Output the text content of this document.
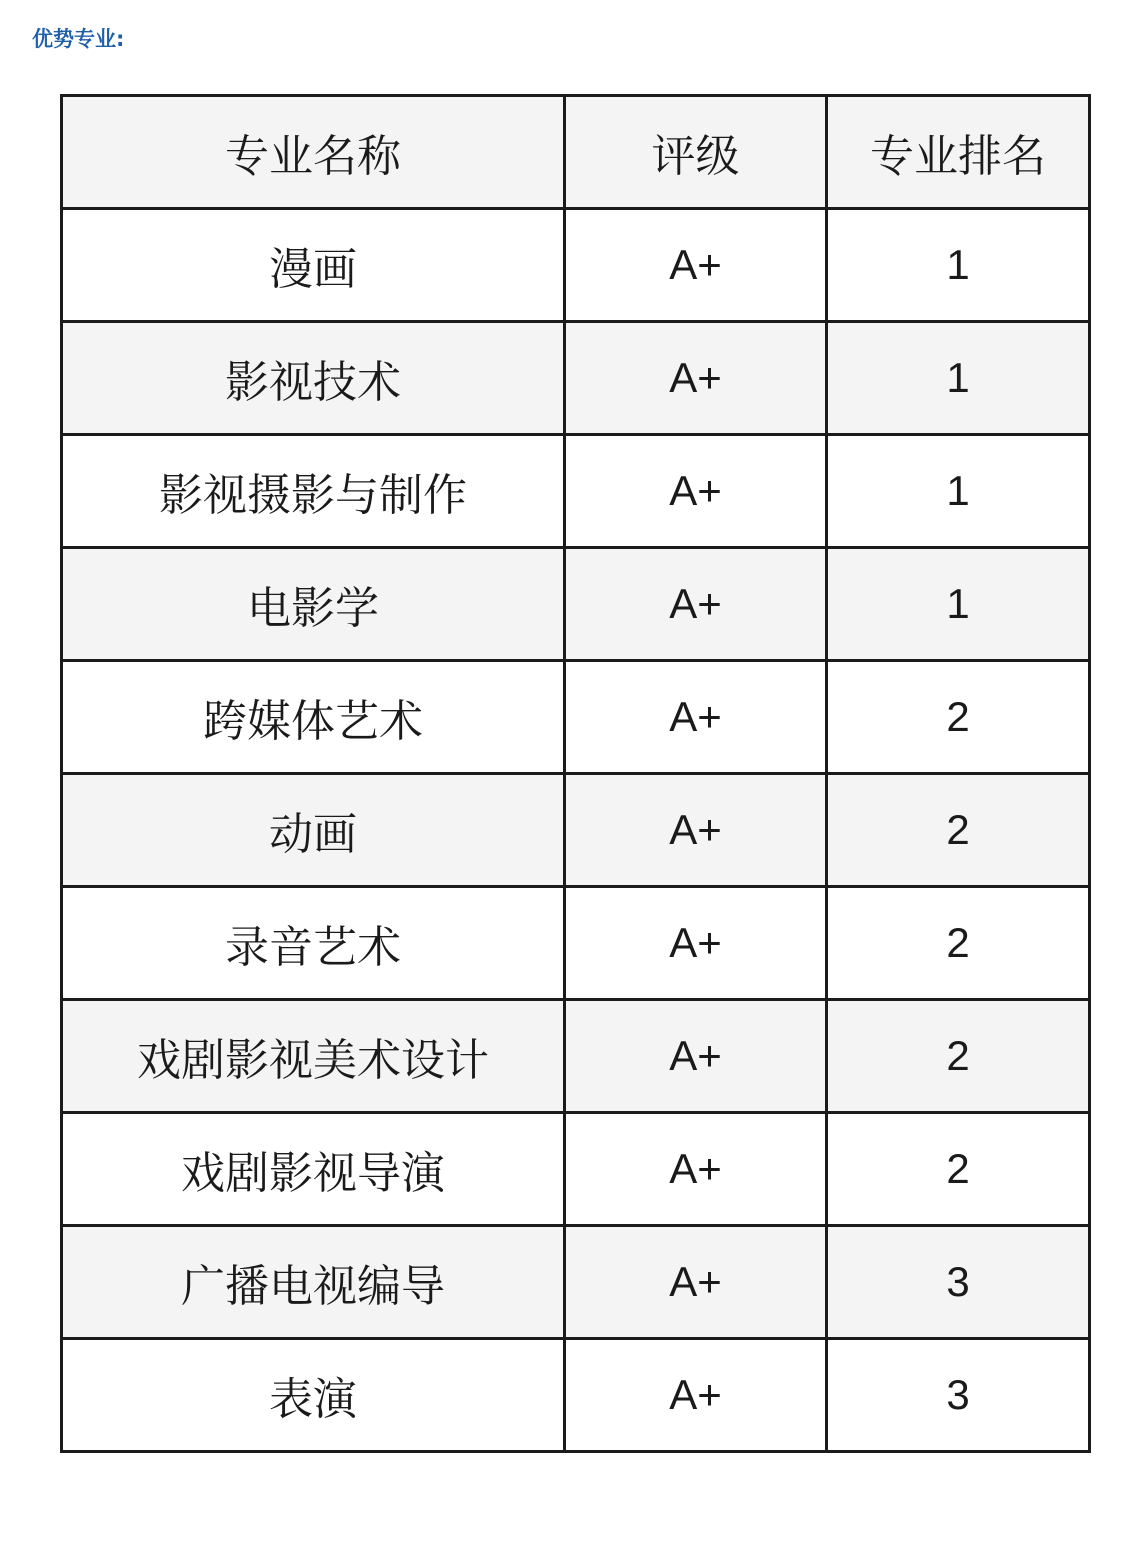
优势专业:
专业名称	评级	专业排名
漫画	A+	1
影视技术	A+	1
影视摄影与制作	A+	1
电影学	A+	1
跨媒体艺术	A+	2
动画	A+	2
录音艺术	A+	2
戏剧影视美术设计	A+	2
戏剧影视导演	A+	2
广播电视编导	A+	3
表演	A+	3
